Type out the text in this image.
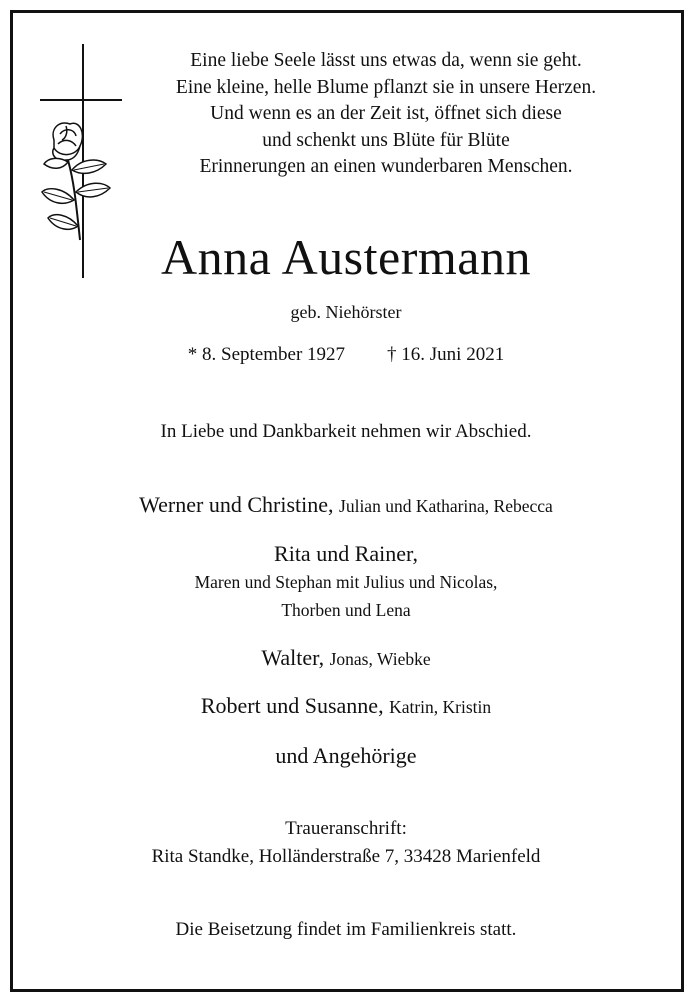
Eine liebe Seele lässt uns etwas da, wenn sie geht.
Eine kleine, helle Blume pflanzt sie in unsere Herzen.
Und wenn es an der Zeit ist, öffnet sich diese
und schenkt uns Blüte für Blüte
Erinnerungen an einen wunderbaren Menschen.
Anna Austermann
geb. Niehörster
* 8. September 1927 † 16. Juni 2021
In Liebe und Dankbarkeit nehmen wir Abschied.
Werner und Christine, Julian und Katharina, Rebecca
Rita und Rainer,
Maren und Stephan mit Julius und Nicolas,
Thorben und Lena
Walter, Jonas, Wiebke
Robert und Susanne, Katrin, Kristin
und Angehörige
Traueranschrift:
Rita Standke, Holländerstraße 7, 33428 Marienfeld
Die Beisetzung findet im Familienkreis statt.
